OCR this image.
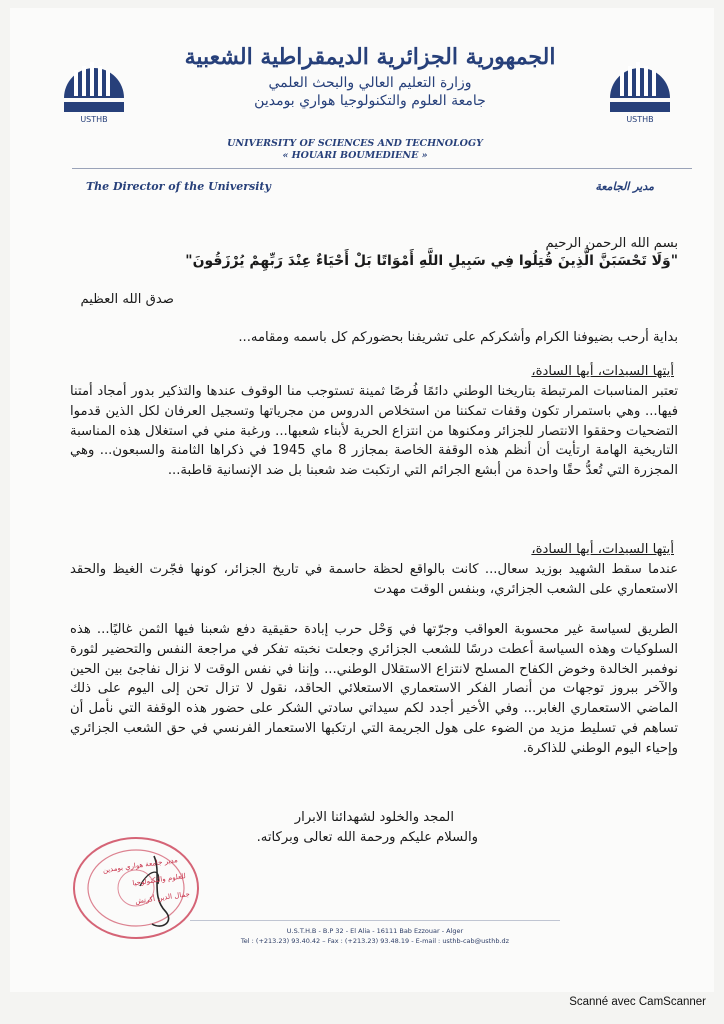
USTHB	USTHB
الجمهورية الجزائرية الديمقراطية الشعبية
وزارة التعليم العالي والبحث العلمي
جامعة العلوم والتكنولوجيا هواري بومدين
UNIVERSITY OF SCIENCES AND TECHNOLOGY
« HOUARI BOUMEDIENE »
The Director of the University	مدير الجامعة
بسم الله الرحمن الرحيم
"وَلَا تَحْسَبَنَّ الَّذِينَ قُتِلُوا فِي سَبِيلِ اللَّهِ أَمْوَاتًا بَلْ أَحْيَاءٌ عِنْدَ رَبِّهِمْ يُرْزَقُونَ"
صدق الله العظيم
بداية أرحب بضيوفنا الكرام وأشكركم على تشريفنا بحضوركم كل باسمه ومقامه...
أيتها السيدات، أيها السادة،
تعتبر المناسبات المرتبطة بتاريخنا الوطني دائمًا فُرصًا ثمينة تستوجب منا الوقوف عندها والتذكير بدور أمجاد أمتنا فيها... وهي باستمرار تكون وقفات تمكننا من استخلاص الدروس من مجرياتها وتسجيل العرفان لكل الذين قدموا التضحيات وحققوا الانتصار للجزائر ومكنوها من انتزاع الحرية لأبناء شعبها... ورغبة مني في استغلال هذه المناسبة التاريخية الهامة ارتأيت أن أنظم هذه الوقفة الخاصة بمجازر 8 ماي 1945 في ذكراها الثامنة والسبعون... وهي المجزرة التي تُعدُّ حقًا واحدة من أبشع الجرائم التي ارتكبت ضد شعبنا بل ضد الإنسانية قاطبة...
أيتها السيدات، أيها السادة،
عندما سقط الشهيد بوزيد سعال... كانت بالواقع لحظة حاسمة في تاريخ الجزائر، كونها فجّرت الغيظ والحقد الاستعماري على الشعب الجزائري، وبنفس الوقت مهدت
الطريق لسياسة غير محسوبة العواقب وجرّتها في وَحْل حرب إبادة حقيقية دفع شعبنا فيها الثمن غاليًا... هذه السلوكيات وهذه السياسة أعطت درسًا للشعب الجزائري وجعلت نخبته تفكر في مراجعة النفس والتحضير لثورة نوفمبر الخالدة وخوض الكفاح المسلح لانتزاع الاستقلال الوطني... وإننا في نفس الوقت لا نزال نفاجئ بين الحين والآخر ببروز توجهات من أنصار الفكر الاستعماري الاستعلائي الحاقد، نقول لا تزال تحن إلى اليوم على ذلك الماضي الاستعماري الغابر... وفي الأخير أجدد لكم سيداتي سادتي الشكر على حضور هذه الوقفة التي نأمل أن تساهم في تسليط مزيد من الضوء على هول الجريمة التي ارتكبها الاستعمار الفرنسي في حق الشعب الجزائري وإحياء اليوم الوطني للذاكرة.
المجد والخلود لشهدائنا الابرار
والسلام عليكم ورحمة الله تعالى وبركاته.
مدير جامعة هواري بومدين
للعلوم والتكنولوجيا
جمال الدين أكرتش
U.S.T.H.B - B.P 32 - El Alia - 16111 Bab Ezzouar - Alger
Tel : (+213.23) 93.40.42 – Fax : (+213.23) 93.48.19 - E-mail : usthb-cab@usthb.dz
Scanné avec CamScanner
